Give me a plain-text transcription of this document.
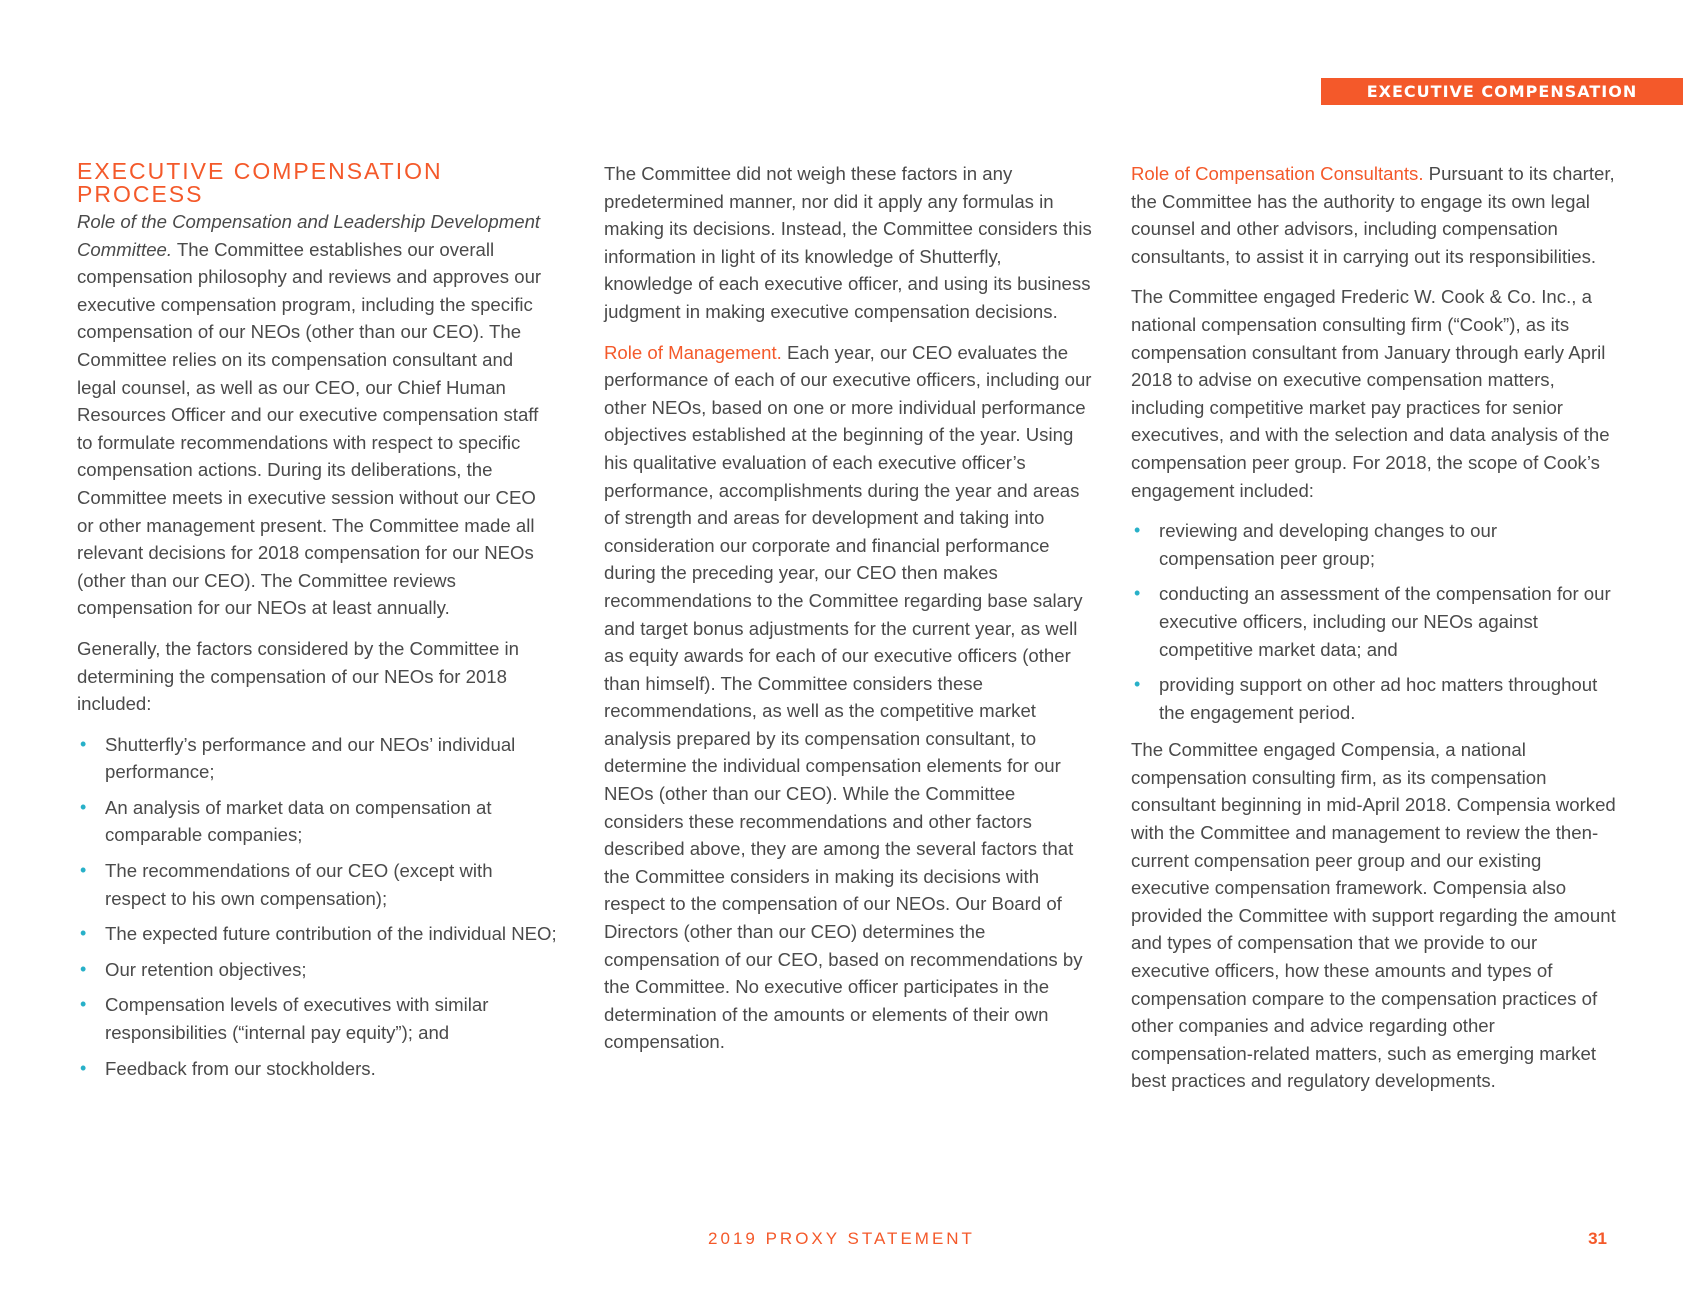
EXECUTIVE COMPENSATION
EXECUTIVE COMPENSATION PROCESS

Role of the Compensation and Leadership Development Committee. The Committee establishes our overall compensation philosophy and reviews and approves our executive compensation program, including the specific compensation of our NEOs (other than our CEO). The Committee relies on its compensation consultant and legal counsel, as well as our CEO, our Chief Human Resources Officer and our executive compensation staff to formulate recommendations with respect to specific compensation actions. During its deliberations, the Committee meets in executive session without our CEO or other management present. The Committee made all relevant decisions for 2018 compensation for our NEOs (other than our CEO). The Committee reviews compensation for our NEOs at least annually.

Generally, the factors considered by the Committee in determining the compensation of our NEOs for 2018 included:

• Shutterfly’s performance and our NEOs’ individual performance;
• An analysis of market data on compensation at comparable companies;
• The recommendations of our CEO (except with respect to his own compensation);
• The expected future contribution of the individual NEO;
• Our retention objectives;
• Compensation levels of executives with similar responsibilities (“internal pay equity”); and
• Feedback from our stockholders.

The Committee did not weigh these factors in any predetermined manner, nor did it apply any formulas in making its decisions. Instead, the Committee considers this information in light of its knowledge of Shutterfly, knowledge of each executive officer, and using its business judgment in making executive compensation decisions.

Role of Management. Each year, our CEO evaluates the performance of each of our executive officers, including our other NEOs, based on one or more individual performance objectives established at the beginning of the year. Using his qualitative evaluation of each executive officer’s performance, accomplishments during the year and areas of strength and areas for development and taking into consideration our corporate and financial performance during the preceding year, our CEO then makes recommendations to the Committee regarding base salary and target bonus adjustments for the current year, as well as equity awards for each of our executive officers (other than himself). The Committee considers these recommendations, as well as the competitive market analysis prepared by its compensation consultant, to determine the individual compensation elements for our NEOs (other than our CEO). While the Committee considers these recommendations and other factors described above, they are among the several factors that the Committee considers in making its decisions with respect to the compensation of our NEOs. Our Board of Directors (other than our CEO) determines the compensation of our CEO, based on recommendations by the Committee. No executive officer participates in the determination of the amounts or elements of their own compensation.

Role of Compensation Consultants. Pursuant to its charter, the Committee has the authority to engage its own legal counsel and other advisors, including compensation consultants, to assist it in carrying out its responsibilities.

The Committee engaged Frederic W. Cook & Co. Inc., a national compensation consulting firm (“Cook”), as its compensation consultant from January through early April 2018 to advise on executive compensation matters, including competitive market pay practices for senior executives, and with the selection and data analysis of the compensation peer group. For 2018, the scope of Cook’s engagement included:

• reviewing and developing changes to our compensation peer group;
• conducting an assessment of the compensation for our executive officers, including our NEOs against competitive market data; and
• providing support on other ad hoc matters throughout the engagement period.

The Committee engaged Compensia, a national compensation consulting firm, as its compensation consultant beginning in mid-April 2018. Compensia worked with the Committee and management to review the then-current compensation peer group and our existing executive compensation framework. Compensia also provided the Committee with support regarding the amount and types of compensation that we provide to our executive officers, how these amounts and types of compensation compare to the compensation practices of other companies and advice regarding other compensation-related matters, such as emerging market best practices and regulatory developments.

2019 PROXY STATEMENT	31
